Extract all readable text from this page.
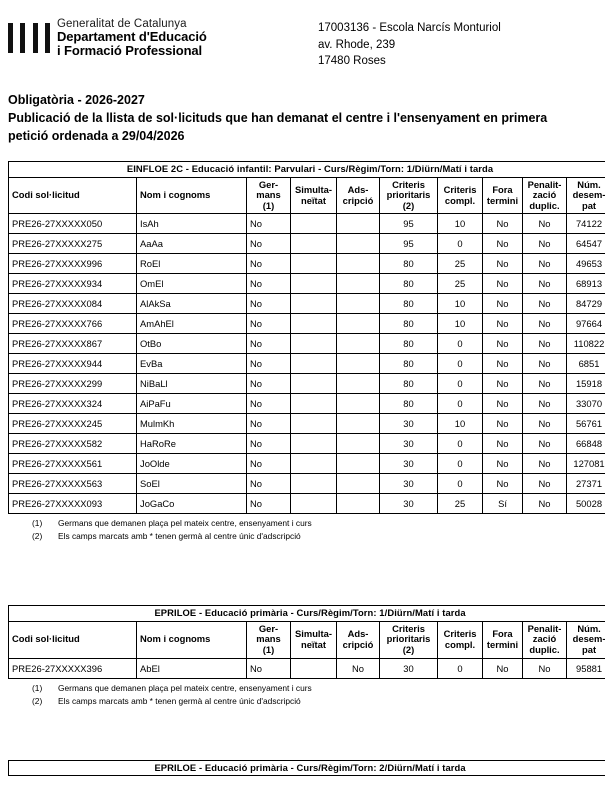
Generalitat de Catalunya
Departament d'Educació
i Formació Professional
17003136 - Escola Narcís Monturiol
av. Rhode, 239
17480 Roses
Obligatòria - 2026-2027
Publicació de la llista de sol·licituds que han demanat el centre i l'ensenyament en primera petició ordenada a 29/04/2026
EINFLOE 2C - Educació infantil: Parvulari - Curs/Règim/Torn: 1/Diürn/Matí i tarda									
Codi sol·licitud	Nom i cognoms	
Ger-
mans
(1)

Simulta-
neïtat

Ads-
cripció

Criteris
prioritaris
(2)

Criteris
compl.

Fora
termini

Penalit-
zació
duplic.

Núm.
desem-
pat

PRE26-27XXXXX050	IsAh	No			95	10	No	No	74122
PRE26-27XXXXX275	AaAa	No			95	0	No	No	64547
PRE26-27XXXXX996	RoEl	No			80	25	No	No	49653
PRE26-27XXXXX934	OmEl	No			80	25	No	No	68913
PRE26-27XXXXX084	AlAkSa	No			80	10	No	No	84729
PRE26-27XXXXX766	AmAhEl	No			80	10	No	No	97664
PRE26-27XXXXX867	OtBo	No			80	0	No	No	110822
PRE26-27XXXXX944	EvBa	No			80	0	No	No	6851
PRE26-27XXXXX299	NiBaLl	No			80	0	No	No	15918
PRE26-27XXXXX324	AiPaFu	No			80	0	No	No	33070
PRE26-27XXXXX245	MulmKh	No			30	10	No	No	56761
PRE26-27XXXXX582	HaRoRe	No			30	0	No	No	66848
PRE26-27XXXXX561	JoOlde	No			30	0	No	No	127081
PRE26-27XXXXX563	SoEl	No			30	0	No	No	27371
PRE26-27XXXXX093	JoGaCo	No			30	25	Sí	No	50028
(1)	Germans que demanen plaça pel mateix centre, ensenyament i curs
(2)	Els camps marcats amb * tenen germà al centre únic d'adscripció
EPRILOE - Educació primària - Curs/Règim/Torn: 1/Diürn/Matí i tarda									
Codi sol·licitud	Nom i cognoms	
Ger-
mans
(1)

Simulta-
neïtat

Ads-
cripció

Criteris
prioritaris
(2)

Criteris
compl.

Fora
termini

Penalit-
zació
duplic.

Núm.
desem-
pat

PRE26-27XXXXX396	AbEl	No		No	30	0	No	No	95881
(1)	Germans que demanen plaça pel mateix centre, ensenyament i curs
(2)	Els camps marcats amb * tenen germà al centre únic d'adscripció
EPRILOE - Educació primària - Curs/Règim/Torn: 2/Diürn/Matí i tarda
